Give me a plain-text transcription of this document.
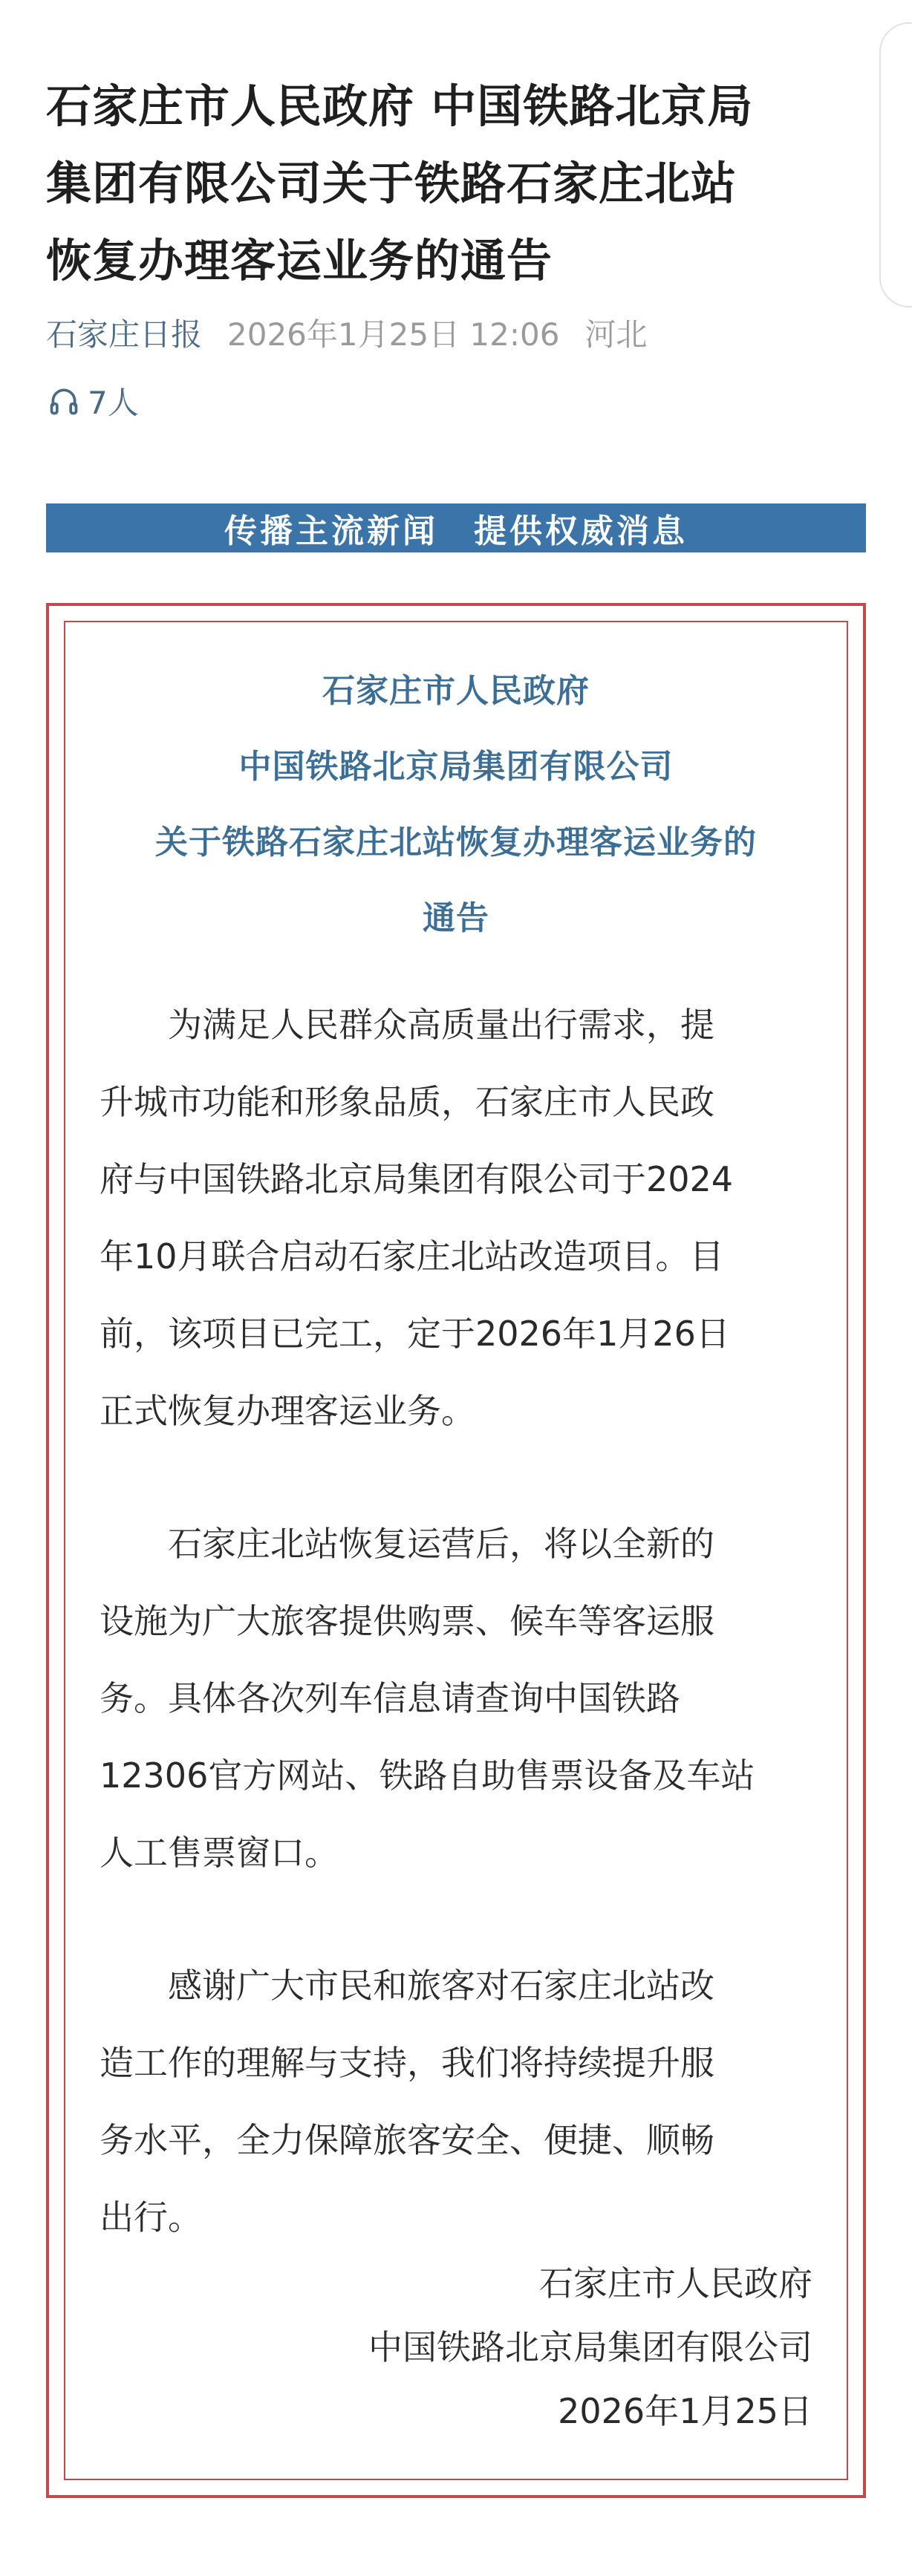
石家庄市人民政府 中国铁路北京局
集团有限公司关于铁路石家庄北站
恢复办理客运业务的通告
石家庄日报 2026年1月25日 12:06 河北
7人
传播主流新闻　提供权威消息
石家庄市人民政府
中国铁路北京局集团有限公司
关于铁路石家庄北站恢复办理客运业务的
通告
　　为满足人民群众高质量出行需求，提
升城市功能和形象品质，石家庄市人民政
府与中国铁路北京局集团有限公司于2024
年10月联合启动石家庄北站改造项目。目
前，该项目已完工，定于2026年1月26日
正式恢复办理客运业务。
　　石家庄北站恢复运营后，将以全新的
设施为广大旅客提供购票、候车等客运服
务。具体各次列车信息请查询中国铁路
12306官方网站、铁路自助售票设备及车站
人工售票窗口。
　　感谢广大市民和旅客对石家庄北站改
造工作的理解与支持，我们将持续提升服
务水平，全力保障旅客安全、便捷、顺畅
出行。
石家庄市人民政府
中国铁路北京局集团有限公司
2026年1月25日
